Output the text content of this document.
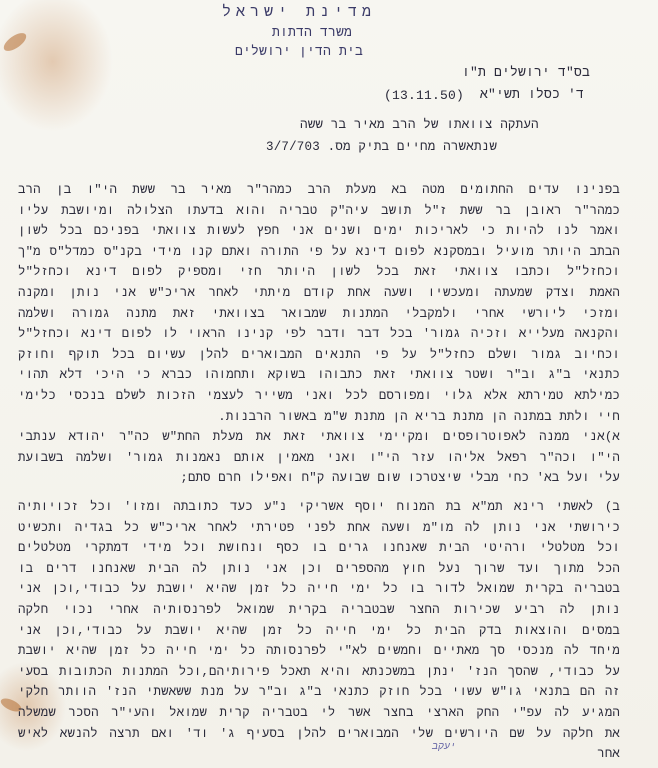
מדינת ישראל
משרד הדתות
בית הדין ירושלים
בס"ד ירושלים ת"ו
ד' כסלו תשי"א
(13.11.50)
העתקה צוואתו של הרב מאיר בר ששה
שנתאשרה מחיים בתיק מס. 3/7/703
בפנינו עדים החתומים מטה בא מעלת הרב כמהר"ר מאיר בר ששת הי"ו בן הרב
כמהר"ר ראובן בר ששת ז"ל תושב עיה"ק טבריה והוא בדעתו הצלולה ומיושבת עליו
ואמר לנו להיות כי לאריכות ימים ושנים אני חפץ לעשות צוואתי בפניכם בכל לשון
הבתב היותר מועיל ובמסקנא לפום דינא על פי התורה ואתם קנו מידי בקנ"ס כמדל"ס מ"ך
וכחזל"ל וכתבו צוואתי זאת בכל לשון היותר חזי ומספיק לפום דינא וכחזל"ל
האמת וצדק שמעתה ומעכשיו ושעה אחת קודם מיתתי לאחר אריכ"ש אני נותן ומקנה
ומזכי ליורשי אחרי ולמקבלי המתנות שמבואר בצוואתי זאת מתנה גמורה ושלמה
והקנאה מעלייא וזכיה גמור' בכל דבר ודבר לפי קנינו הראוי לו לפום דינא וכחזל"ל
וכחיוב גמור ושלם כחזל"ל על פי התנאים המבוארים להלן עשיום בכל תוקף וחוזק
כתנאי ב"ג וב"ר ושטר צוואתי זאת כתבוהו בשוקא ותחמוהו כברא כי היכי דלא תהוי
כמילתא טמירתא אלא גלוי ומפורסם לכל ואני משייר לעצמי הזכות לשלם בנכסי כלימי
חיי ולתת במתנה הן מתנת בריא הן מתנת ש"מ באשור הרבנות.
א)אני ממנה לאפוטרופסים ומקיימי צוואתי זאת את מעלת החת"ש כה"ר יהודא ענתבי
הי"ו וכה"ר רפאל אליהו עזר הי"ו ואני מאמין אותם נאמנות גמור' ושלמה בשבועת
עלי ועל בא' כחי מבלי שיצטרכו שום שבועה ק"ח ואפילו חרם סתם;
ב) לאשתי רינא תמ"א בת המנוח יוסף אשריקי נ"ע כעד כתובתה ומזו' וכל זכויותיה
כירושתי אני נותן לה מו"מ ושעה אחת לפני פטירתי לאחר אריכ"ש כל בגדיה ותכשיט
וכל מטלטלי ורהיטי הבית שאנחנו גרים בו כסף ונחושת וכל מידי דמתקרי מטלטלים
הכל מתוך ועד שרוך נעל חוץ מהספרים וכן אני נותן לה הבית שאנחנו דרים בו
בטבריה בקרית שמואל לדור בו כל ימי חייה כל זמן שהיא יושבת על כבודי,וכן אני
נותן לה רביע שכירות החצר שבטבריה בקרית שמואל לפרנסותיה אחרי נכוי חלקה
במסים והוצאות בדק הבית כל ימי חייה כל זמן שהיא יושבת על כבודי,וכן אני
מיחד לה מנכסי סך מאתיים וחמשים לא"י לפרנסותה כל ימי חייה כל זמן שהיא יושבת
על כבודי, שהסך הנז' ינתן במשכנתא והיא תאכל פירותיהם,וכל המתנות הכתובות בסעי
זה הם בתנאי גו"ש עשוי בכל חוזק כתנאי ב"ג וב"ר על מנת ששאשתי הנז' הוותר חלקי
המגיע לה עפ"י החק הארצי בחצר אשר לי בטבריה קרית שמואל והעי"ר הסכר שמשלה
את חלקה על שם היורשים שלי המבוארים להלן בסעיף ג' וד' ואם תרצה להנשא לאיש
אחר
יעקב
